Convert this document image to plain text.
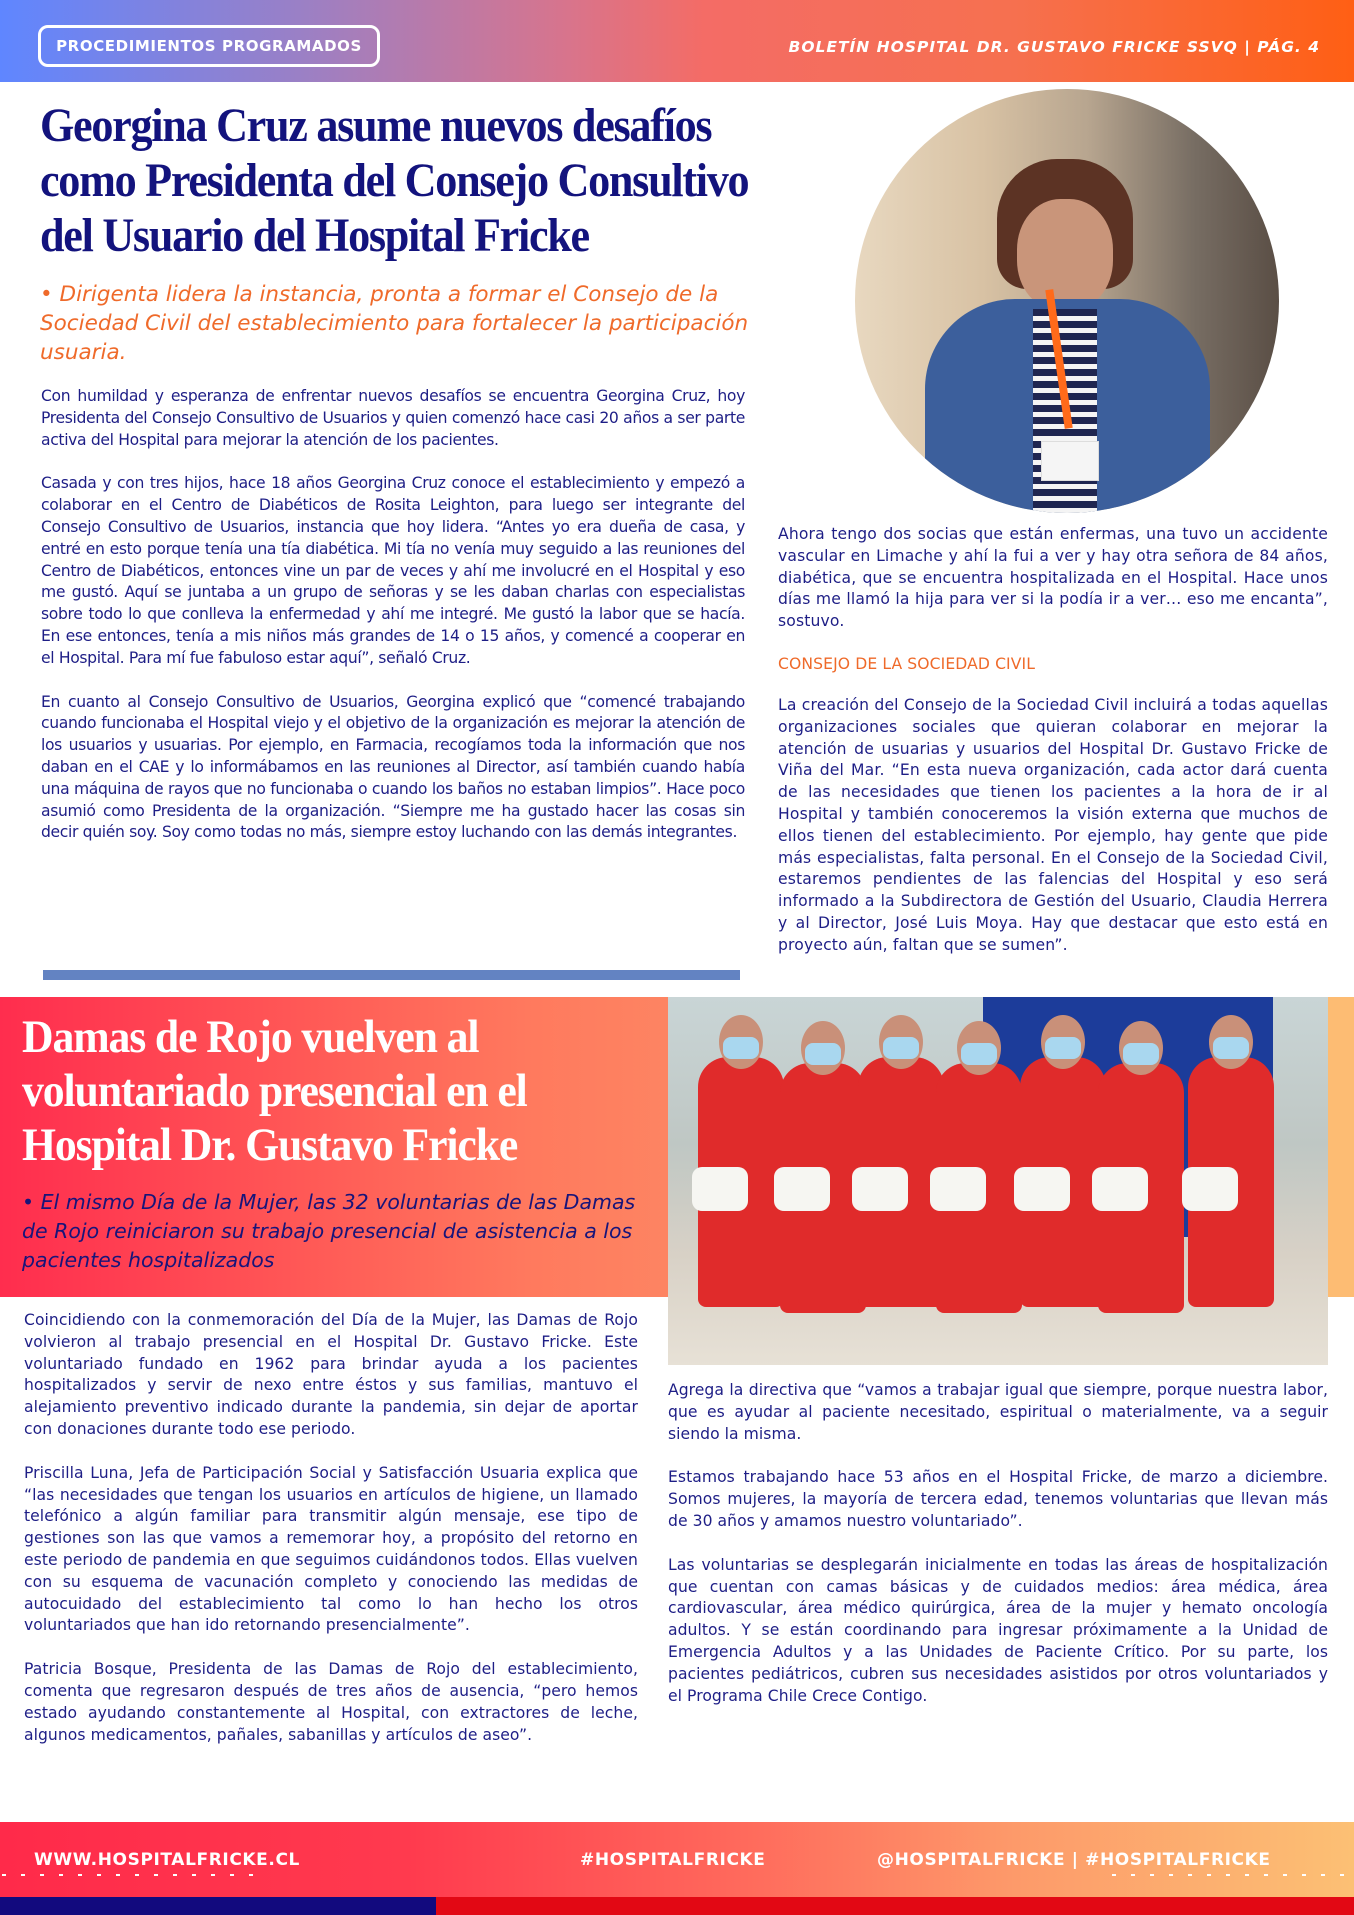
PROCEDIMIENTOS PROGRAMADOS	BOLETÍN HOSPITAL DR. GUSTAVO FRICKE SSVQ | PÁG. 4
Georgina Cruz asume nuevos desafíos como Presidenta del Consejo Consultivo del Usuario del Hospital Fricke
• Dirigenta lidera la instancia, pronta a formar el Consejo de la Sociedad Civil del establecimiento para fortalecer la participación usuaria.

Con humildad y esperanza de enfrentar nuevos desafíos se encuentra Georgina Cruz, hoy Presidenta del Consejo Consultivo de Usuarios y quien comenzó hace casi 20 años a ser parte activa del Hospital para mejorar la atención de los pacientes.

Casada y con tres hijos, hace 18 años Georgina Cruz conoce el establecimiento y empezó a colaborar en el Centro de Diabéticos de Rosita Leighton, para luego ser integrante del Consejo Consultivo de Usuarios, instancia que hoy lidera. “Antes yo era dueña de casa, y entré en esto porque tenía una tía diabética. Mi tía no venía muy seguido a las reuniones del Centro de Diabéticos, entonces vine un par de veces y ahí me involucré en el Hospital y eso me gustó. Aquí se juntaba a un grupo de señoras y se les daban charlas con especialistas sobre todo lo que conlleva la enfermedad y ahí me integré. Me gustó la labor que se hacía. En ese entonces, tenía a mis niños más grandes de 14 o 15 años, y comencé a cooperar en el Hospital. Para mí fue fabuloso estar aquí”, señaló Cruz.

En cuanto al Consejo Consultivo de Usuarios, Georgina explicó que “comencé trabajando cuando funcionaba el Hospital viejo y el objetivo de la organización es mejorar la atención de los usuarios y usuarias. Por ejemplo, en Farmacia, recogíamos toda la información que nos daban en el CAE y lo informábamos en las reuniones al Director, así también cuando había una máquina de rayos que no funcionaba o cuando los baños no estaban limpios”. Hace poco asumió como Presidenta de la organización. “Siempre me ha gustado hacer las cosas sin decir quién soy. Soy como todas no más, siempre estoy luchando con las demás integrantes.

Ahora tengo dos socias que están enfermas, una tuvo un accidente vascular en Limache y ahí la fui a ver y hay otra señora de 84 años, diabética, que se encuentra hospitalizada en el Hospital. Hace unos días me llamó la hija para ver si la podía ir a ver… eso me encanta”, sostuvo.

CONSEJO DE LA SOCIEDAD CIVIL

La creación del Consejo de la Sociedad Civil incluirá a todas aquellas organizaciones sociales que quieran colaborar en mejorar la atención de usuarias y usuarios del Hospital Dr. Gustavo Fricke de Viña del Mar. “En esta nueva organización, cada actor dará cuenta de las necesidades que tienen los pacientes a la hora de ir al Hospital y también conoceremos la visión externa que muchos de ellos tienen del establecimiento. Por ejemplo, hay gente que pide más especialistas, falta personal. En el Consejo de la Sociedad Civil, estaremos pendientes de las falencias del Hospital y eso será informado a la Subdirectora de Gestión del Usuario, Claudia Herrera y al Director, José Luis Moya. Hay que destacar que esto está en proyecto aún, faltan que se sumen”.

Damas de Rojo vuelven al voluntariado presencial en el Hospital Dr. Gustavo Fricke
• El mismo Día de la Mujer, las 32 voluntarias de las Damas de Rojo reiniciaron su trabajo presencial de asistencia a los pacientes hospitalizados

Coincidiendo con la conmemoración del Día de la Mujer, las Damas de Rojo volvieron al trabajo presencial en el Hospital Dr. Gustavo Fricke. Este voluntariado fundado en 1962 para brindar ayuda a los pacientes hospitalizados y servir de nexo entre éstos y sus familias, mantuvo el alejamiento preventivo indicado durante la pandemia, sin dejar de aportar con donaciones durante todo ese periodo.

Priscilla Luna, Jefa de Participación Social y Satisfacción Usuaria explica que “las necesidades que tengan los usuarios en artículos de higiene, un llamado telefónico a algún familiar para transmitir algún mensaje, ese tipo de gestiones son las que vamos a rememorar hoy, a propósito del retorno en este periodo de pandemia en que seguimos cuidándonos todos. Ellas vuelven con su esquema de vacunación completo y conociendo las medidas de autocuidado del establecimiento tal como lo han hecho los otros voluntariados que han ido retornando presencialmente”.

Patricia Bosque, Presidenta de las Damas de Rojo del establecimiento, comenta que regresaron después de tres años de ausencia, “pero hemos estado ayudando constantemente al Hospital, con extractores de leche, algunos medicamentos, pañales, sabanillas y artículos de aseo”.

Agrega la directiva que “vamos a trabajar igual que siempre, porque nuestra labor, que es ayudar al paciente necesitado, espiritual o materialmente, va a seguir siendo la misma.

Estamos trabajando hace 53 años en el Hospital Fricke, de marzo a diciembre. Somos mujeres, la mayoría de tercera edad, tenemos voluntarias que llevan más de 30 años y amamos nuestro voluntariado”.

Las voluntarias se desplegarán inicialmente en todas las áreas de hospitalización que cuentan con camas básicas y de cuidados medios: área médica, área cardiovascular, área médico quirúrgica, área de la mujer y hemato oncología adultos. Y se están coordinando para ingresar próximamente a la Unidad de Emergencia Adultos y a las Unidades de Paciente Crítico. Por su parte, los pacientes pediátricos, cubren sus necesidades asistidos por otros voluntariados y el Programa Chile Crece Contigo.

WWW.HOSPITALFRICKE.CL	#HOSPITALFRICKE	@HOSPITALFRICKE | #HOSPITALFRICKE
